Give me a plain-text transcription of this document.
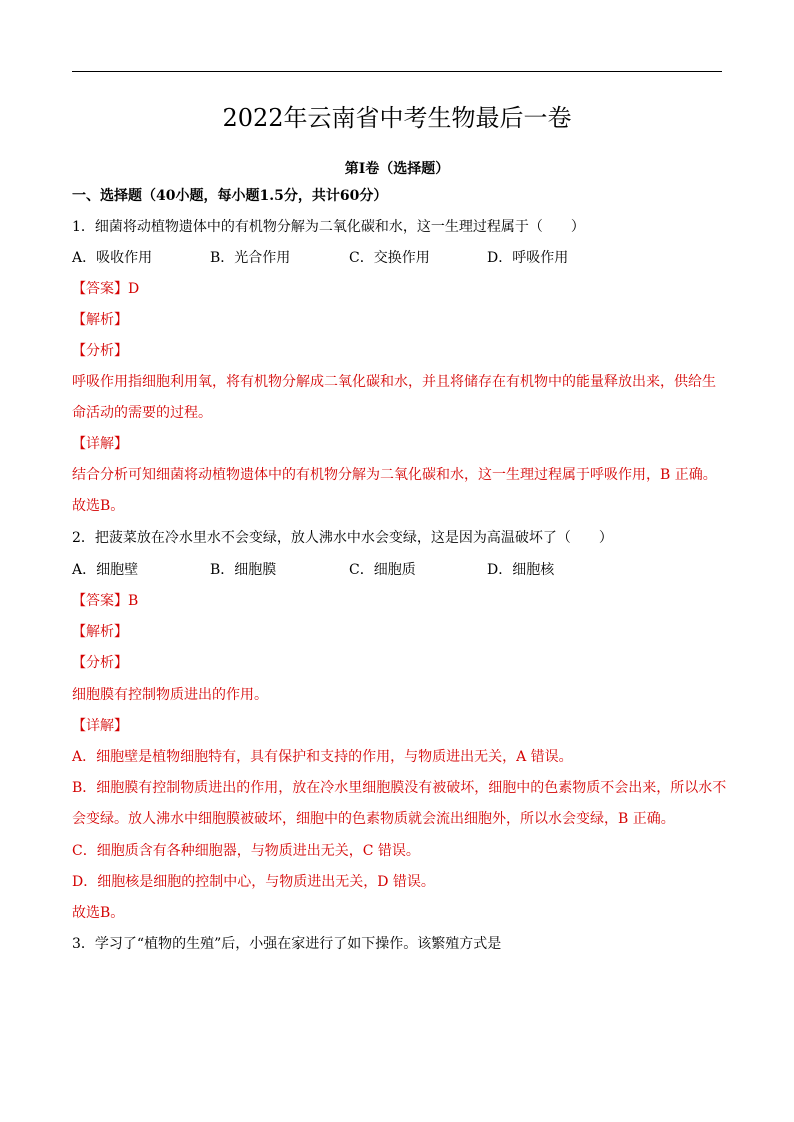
2022年云南省中考生物最后一卷
第Ⅰ卷（选择题）
一、选择题（40小题，每小题1.5分，共计60分）
1．细菌将动植物遗体中的有机物分解为二氧化碳和水，这一生理过程属于（　　）
A．吸收作用	B．光合作用	C．交换作用	D．呼吸作用
【答案】D
【解析】
【分析】
呼吸作用指细胞利用氧，将有机物分解成二氧化碳和水，并且将储存在有机物中的能量释放出来，供给生
命活动的需要的过程。
【详解】
结合分析可知细菌将动植物遗体中的有机物分解为二氧化碳和水，这一生理过程属于呼吸作用，B 正确。
故选B。
2．把菠菜放在冷水里水不会变绿，放人沸水中水会变绿，这是因为高温破坏了（　　）
A．细胞壁	B．细胞膜	C．细胞质	D．细胞核
【答案】B
【解析】
【分析】
细胞膜有控制物质进出的作用。
【详解】
A．细胞壁是植物细胞特有，具有保护和支持的作用，与物质进出无关，A 错误。
B．细胞膜有控制物质进出的作用，放在冷水里细胞膜没有被破坏，细胞中的色素物质不会出来，所以水不
会变绿。放人沸水中细胞膜被破坏，细胞中的色素物质就会流出细胞外，所以水会变绿，B 正确。
C．细胞质含有各种细胞器，与物质进出无关，C 错误。
D．细胞核是细胞的控制中心，与物质进出无关，D 错误。
故选B。
3．学习了“植物的生殖”后，小强在家进行了如下操作。该繁殖方式是
